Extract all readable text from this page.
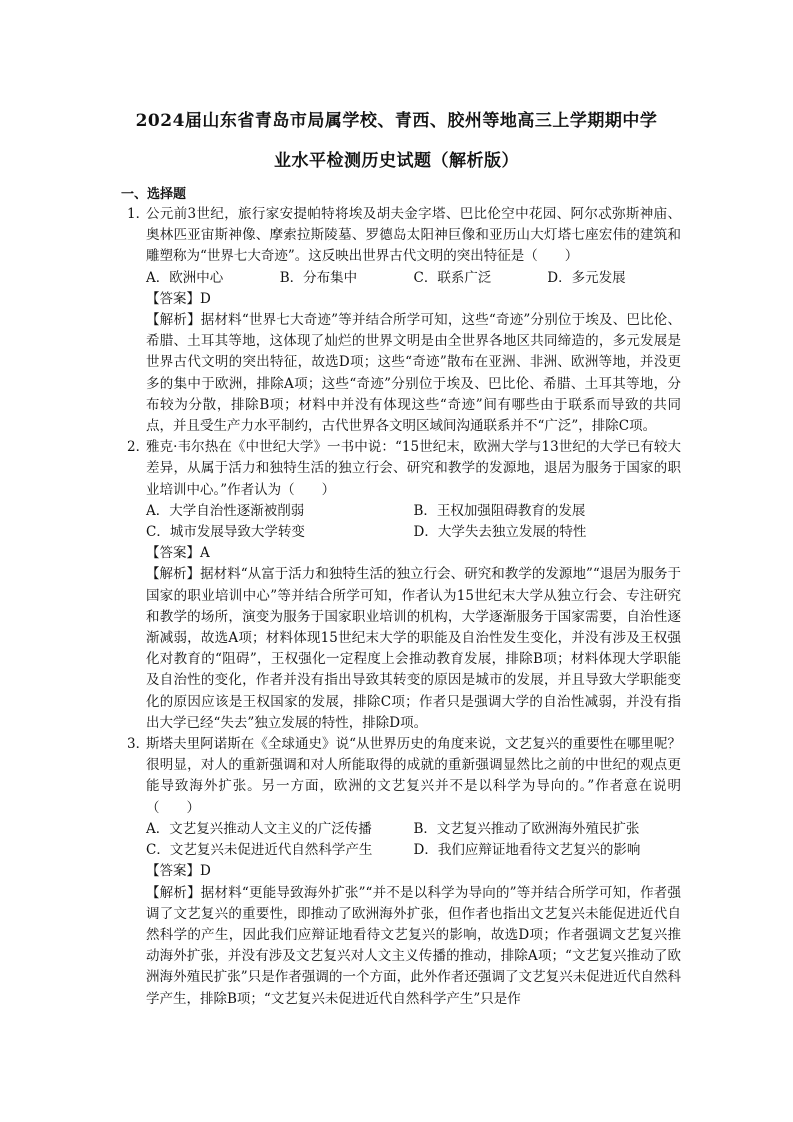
2024届山东省青岛市局属学校、青西、胶州等地高三上学期期中学
业水平检测历史试题（解析版）
一、选择题
1．
公元前3世纪，旅行家安提帕特将埃及胡夫金字塔、巴比伦空中花园、阿尔忒弥斯神庙、奥林匹亚宙斯神像、摩索拉斯陵墓、罗德岛太阳神巨像和亚历山大灯塔七座宏伟的建筑和雕塑称为“世界七大奇迹”。这反映出世界古代文明的突出特征是（　　）
A．欧洲中心	B．分布集中	C．联系广泛	D．多元发展
【答案】D
【解析】据材料“世界七大奇迹”等并结合所学可知，这些“奇迹”分别位于埃及、巴比伦、希腊、土耳其等地，这体现了灿烂的世界文明是由全世界各地区共同缔造的，多元发展是世界古代文明的突出特征，故选D项；这些“奇迹”散布在亚洲、非洲、欧洲等地，并没更多的集中于欧洲，排除A项；这些“奇迹”分别位于埃及、巴比伦、希腊、土耳其等地，分布较为分散，排除B项；材料中并没有体现这些“奇迹”间有哪些由于联系而导致的共同点，并且受生产力水平制约，古代世界各文明区域间沟通联系并不“广泛”，排除C项。
2．
雅克·韦尔热在《中世纪大学》一书中说：“15世纪末，欧洲大学与13世纪的大学已有较大差异，从属于活力和独特生活的独立行会、研究和教学的发源地，退居为服务于国家的职业培训中心。”作者认为（　　）
A．大学自治性逐渐被削弱	B．王权加强阻碍教育的发展
C．城市发展导致大学转变	D．大学失去独立发展的特性
【答案】A
【解析】据材料“从富于活力和独特生活的独立行会、研究和教学的发源地”“退居为服务于国家的职业培训中心”等并结合所学可知，作者认为15世纪末大学从独立行会、专注研究和教学的场所，演变为服务于国家职业培训的机构，大学逐渐服务于国家需要，自治性逐渐减弱，故选A项；材料体现15世纪末大学的职能及自治性发生变化，并没有涉及王权强化对教育的“阻碍”，王权强化一定程度上会推动教育发展，排除B项；材料体现大学职能及自治性的变化，作者并没有指出导致其转变的原因是城市的发展，并且导致大学职能变化的原因应该是王权国家的发展，排除C项；作者只是强调大学的自治性减弱，并没有指出大学已经“失去”独立发展的特性，排除D项。
3．
斯塔夫里阿诺斯在《全球通史》说“从世界历史的角度来说，文艺复兴的重要性在哪里呢？很明显，对人的重新强调和对人所能取得的成就的重新强调显然比之前的中世纪的观点更能导致海外扩张。另一方面，欧洲的文艺复兴并不是以科学为导向的。”作者意在说明（　　）
A．文艺复兴推动人文主义的广泛传播	B．文艺复兴推动了欧洲海外殖民扩张
C．文艺复兴未促进近代自然科学产生	D．我们应辩证地看待文艺复兴的影响
【答案】D
【解析】据材料“更能导致海外扩张”“并不是以科学为导向的”等并结合所学可知，作者强调了文艺复兴的重要性，即推动了欧洲海外扩张，但作者也指出文艺复兴未能促进近代自然科学的产生，因此我们应辩证地看待文艺复兴的影响，故选D项；作者强调文艺复兴推动海外扩张，并没有涉及文艺复兴对人文主义传播的推动，排除A项；“文艺复兴推动了欧洲海外殖民扩张”只是作者强调的一个方面，此外作者还强调了文艺复兴未促进近代自然科学产生，排除B项；“文艺复兴未促进近代自然科学产生”只是作
